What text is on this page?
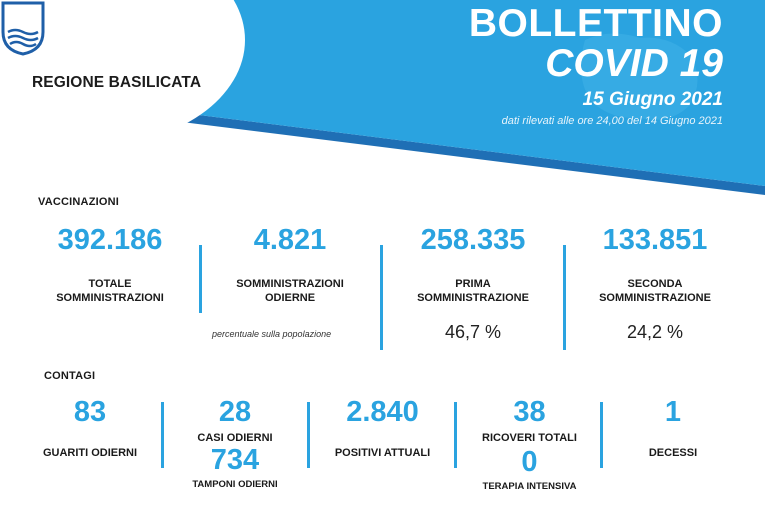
REGIONE BASILICATA
BOLLETTINO
COVID 19
15 Giugno 2021
dati rilevati alle ore 24,00 del 14 Giugno 2021
VACCINAZIONI
392.186
TOTALE
SOMMINISTRAZIONI
4.821
SOMMINISTRAZIONI
ODIERNE
percentuale sulla popolazione
258.335
PRIMA
SOMMINISTRAZIONE
46,7 %
133.851
SECONDA
SOMMINISTRAZIONE
24,2 %
CONTAGI
83
GUARITI ODIERNI
28
CASI ODIERNI
734
TAMPONI ODIERNI
2.840
POSITIVI ATTUALI
38
RICOVERI TOTALI
0
TERAPIA INTENSIVA
1
DECESSI
